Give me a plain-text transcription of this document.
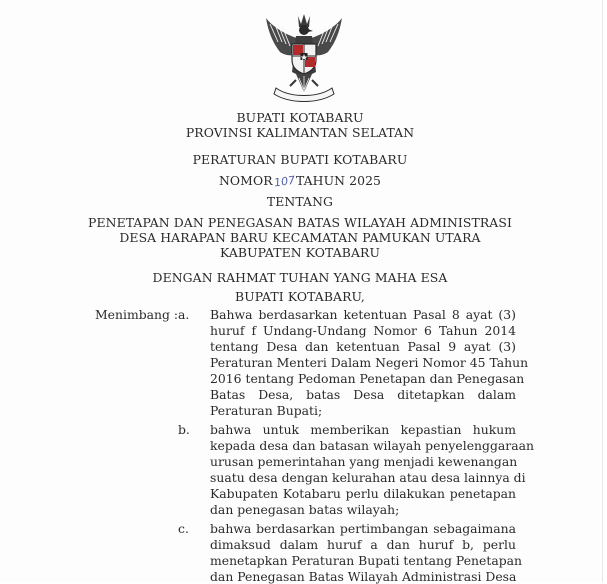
BUPATI KOTABARU
PROVINSI KALIMANTAN SELATAN
PERATURAN BUPATI KOTABARU
NOMOR107TAHUN 2025
TENTANG
PENETAPAN DAN PENEGASAN BATAS WILAYAH ADMINISTRASI
DESA HARAPAN BARU KECAMATAN PAMUKAN UTARA
KABUPATEN KOTABARU
DENGAN RAHMAT TUHAN YANG MAHA ESA
BUPATI KOTABARU,
Menimbang : a. Bahwa berdasarkan ketentuan Pasal 8 ayat (3)
huruf f Undang-Undang Nomor 6 Tahun 2014
tentang Desa dan ketentuan Pasal 9 ayat (3)
Peraturan Menteri Dalam Negeri Nomor 45 Tahun
2016 tentang Pedoman Penetapan dan Penegasan
Batas Desa, batas Desa ditetapkan dalam
Peraturan Bupati;
b. bahwa untuk memberikan kepastian hukum
kepada desa dan batasan wilayah penyelenggaraan
urusan pemerintahan yang menjadi kewenangan
suatu desa dengan kelurahan atau desa lainnya di
Kabupaten Kotabaru perlu dilakukan penetapan
dan penegasan batas wilayah;
c. bahwa berdasarkan pertimbangan sebagaimana
dimaksud dalam huruf a dan huruf b, perlu
menetapkan Peraturan Bupati tentang Penetapan
dan Penegasan Batas Wilayah Administrasi Desa
